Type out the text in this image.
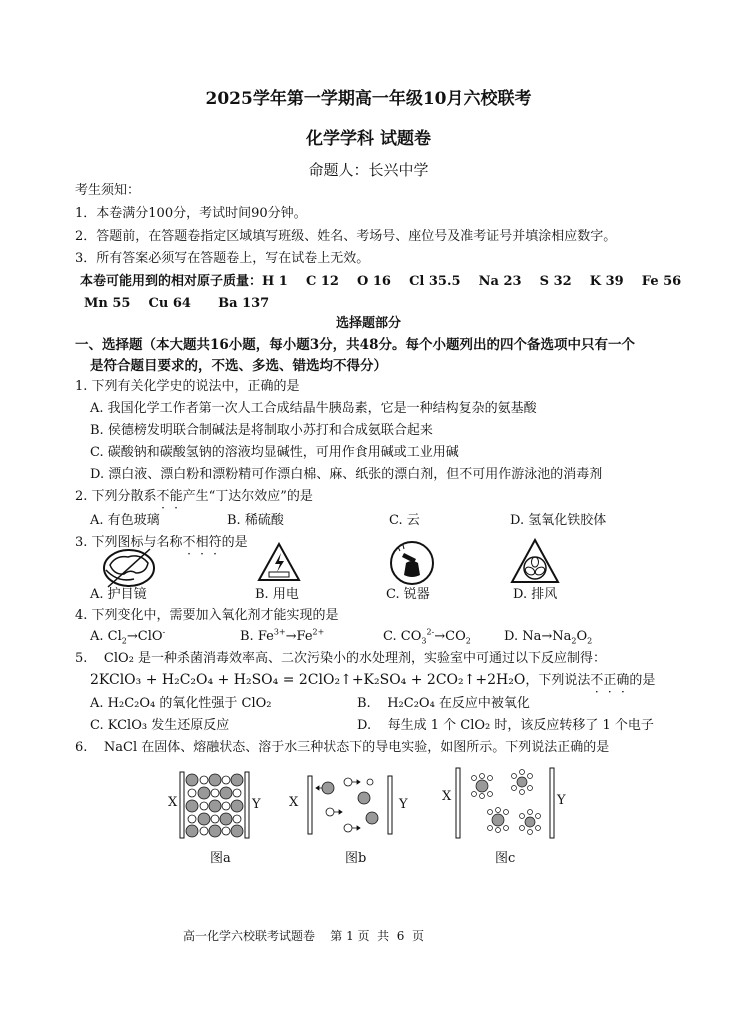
2025学年第一学期高一年级10月六校联考
化学学科 试题卷
命题人：长兴中学
考生须知：
1．本卷满分100分，考试时间90分钟。
2．答题前，在答题卷指定区域填写班级、姓名、考场号、座位号及准考证号并填涂相应数字。
3．所有答案必须写在答题卷上，写在试卷上无效。
本卷可能用到的相对原子质量：H 1    C 12    O 16    Cl 35.5    Na 23    S 32    K 39    Fe 56
Mn 55    Cu 64      Ba 137
选择题部分
一、选择题（本大题共16小题，每小题3分，共48分。每个小题列出的四个备选项中只有一个
是符合题目要求的，不选、多选、错选均不得分）
1. 下列有关化学史的说法中，正确的是
A. 我国化学工作者第一次人工合成结晶牛胰岛素，它是一种结构复杂的氨基酸
B. 侯德榜发明联合制碱法是将制取小苏打和合成氨联合起来
C. 碳酸钠和碳酸氢钠的溶液均显碱性，可用作食用碱或工业用碱
D. 漂白液、漂白粉和漂粉精可作漂白棉、麻、纸张的漂白剂，但不可用作游泳池的消毒剂
2. 下列分散系不能产生“丁达尔效应”的是
A. 有色玻璃	B. 稀硫酸	C. 云	D. 氢氧化铁胶体
3. 下列图标与名称不相符的是
A. 护目镜	B. 用电	C. 锐器	D. 排风
4. 下列变化中，需要加入氧化剂才能实现的是
A. $Cl_2\to ClO^-$	B. $Fe^{3+}\to Fe^{2+}$	C. $CO_3^{2-}\to CO_2$	D. $Na\to Na_2O_2$
5.    ClO₂ 是一种杀菌消毒效率高、二次污染小的水处理剂，实验室中可通过以下反应制得：
2KClO₃ + H₂C₂O₄ + H₂SO₄ = 2ClO₂↑+K₂SO₄ + 2CO₂↑+2H₂O，下列说法不正确的是
A. H₂C₂O₄ 的氧化性强于 ClO₂	B.    H₂C₂O₄ 在反应中被氧化
C. KClO₃ 发生还原反应	D.    每生成 1 个 ClO₂ 时，该反应转移了 1 个电子
6.    NaCl 在固体、熔融状态、溶于水三种状态下的导电实验，如图所示。下列说法正确的是
X	Y
图a
X	Y
图b
X	Y
图c
高一化学六校联考试题卷    第 1 页  共  6  页
